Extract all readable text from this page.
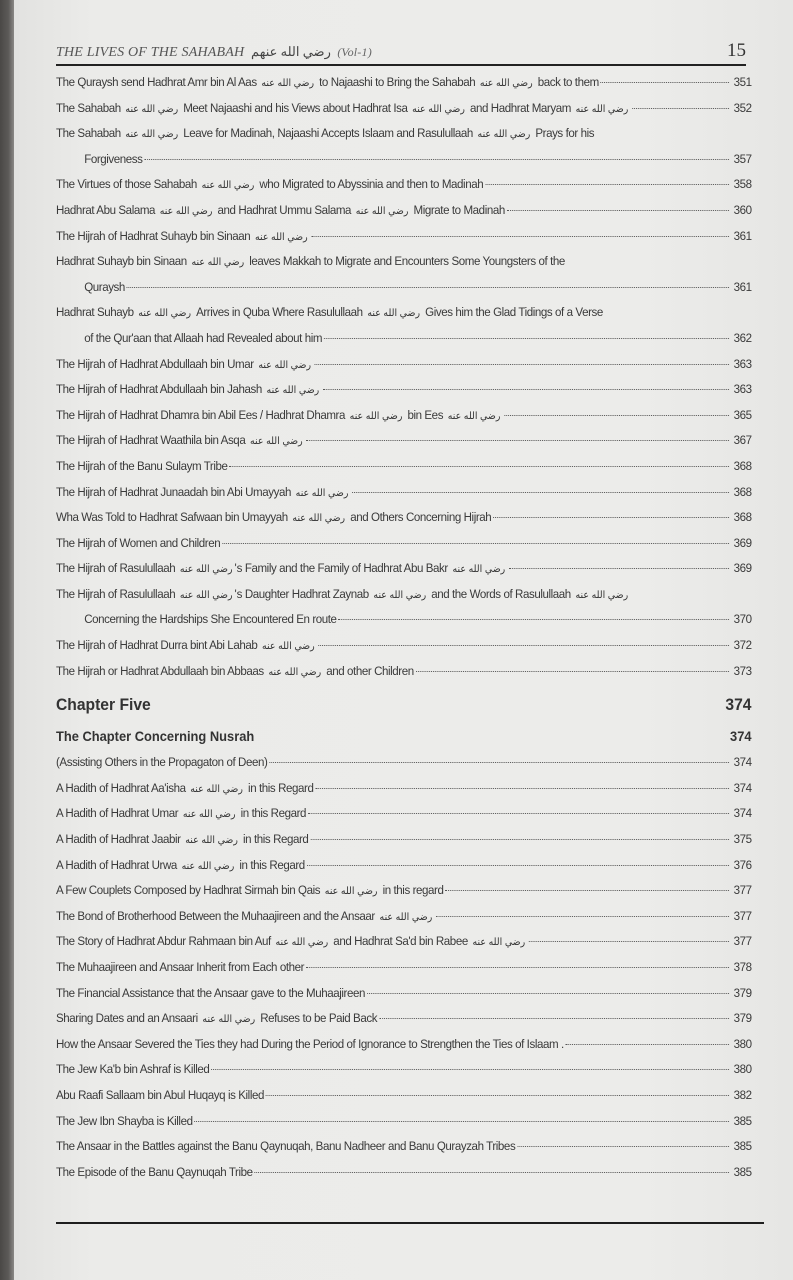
THE LIVES OF THE SAHABAH رضي الله عنهم (Vol-1)	15
The Quraysh send Hadhrat Amr bin Al Aas رضي الله عنه to Najaashi to Bring the Sahabah رضي الله عنه back to them	351
The Sahabah رضي الله عنه Meet Najaashi and his Views about Hadhrat Isa رضي الله عنه and Hadhrat Maryam رضي الله عنه	352
The Sahabah رضي الله عنه Leave for Madinah, Najaashi Accepts Islaam and Rasulullaah رضي الله عنه Prays for his
Forgiveness	357
The Virtues of those Sahabah رضي الله عنه who Migrated to Abyssinia and then to Madinah	358
Hadhrat Abu Salama رضي الله عنه and Hadhrat Ummu Salama رضي الله عنه Migrate to Madinah	360
The Hijrah of Hadhrat Suhayb bin Sinaan رضي الله عنه	361
Hadhrat Suhayb bin Sinaan رضي الله عنه leaves Makkah to Migrate and Encounters Some Youngsters of the
Quraysh	361
Hadhrat Suhayb رضي الله عنه Arrives in Quba Where Rasulullaah رضي الله عنه Gives him the Glad Tidings of a Verse
of the Qur'aan that Allaah had Revealed about him	362
The Hijrah of Hadhrat Abdullaah bin Umar رضي الله عنه	363
The Hijrah of Hadhrat Abdullaah bin Jahash رضي الله عنه	363
The Hijrah of Hadhrat Dhamra bin Abil Ees / Hadhrat Dhamra رضي الله عنه bin Ees رضي الله عنه	365
The Hijrah of Hadhrat Waathila bin Asqa رضي الله عنه	367
The Hijrah of the Banu Sulaym Tribe	368
The Hijrah of Hadhrat Junaadah bin Abi Umayyah رضي الله عنه	368
Wha Was Told to Hadhrat Safwaan bin Umayyah رضي الله عنه and Others Concerning Hijrah	368
The Hijrah of Women and Children	369
The Hijrah of Rasulullaah رضي الله عنه 's Family and the Family of Hadhrat Abu Bakr رضي الله عنه	369
The Hijrah of Rasulullaah رضي الله عنه 's Daughter Hadhrat Zaynab رضي الله عنه and the Words of Rasulullaah رضي الله عنه
Concerning the Hardships She Encountered En route	370
The Hijrah of Hadhrat Durra bint Abi Lahab رضي الله عنه	372
The Hijrah or Hadhrat Abdullaah bin Abbaas رضي الله عنه and other Children	373
Chapter Five	374
The Chapter Concerning Nusrah	374
(Assisting Others in the Propagaton of Deen)	374
A Hadith of Hadhrat Aa'isha رضي الله عنه in this Regard	374
A Hadith of Hadhrat Umar رضي الله عنه in this Regard	374
A Hadith of Hadhrat Jaabir رضي الله عنه in this Regard	375
A Hadith of Hadhrat Urwa رضي الله عنه in this Regard	376
A Few Couplets Composed by Hadhrat Sirmah bin Qais رضي الله عنه in this regard	377
The Bond of Brotherhood Between the Muhaajireen and the Ansaar رضي الله عنه	377
The Story of Hadhrat Abdur Rahmaan bin Auf رضي الله عنه and Hadhrat Sa'd bin Rabee رضي الله عنه	377
The Muhaajireen and Ansaar Inherit from Each other	378
The Financial Assistance that the Ansaar gave to the Muhaajireen	379
Sharing Dates and an Ansaari رضي الله عنه Refuses to be Paid Back	379
How the Ansaar Severed the Ties they had During the Period of Ignorance to Strengthen the Ties of Islaam .	380
The Jew Ka'b bin Ashraf is Killed	380
Abu Raafi Sallaam bin Abul Huqayq is Killed	382
The Jew Ibn Shayba is Killed	385
The Ansaar in the Battles against the Banu Qaynuqah, Banu Nadheer and Banu Qurayzah Tribes	385
The Episode of the Banu Qaynuqah Tribe	385
